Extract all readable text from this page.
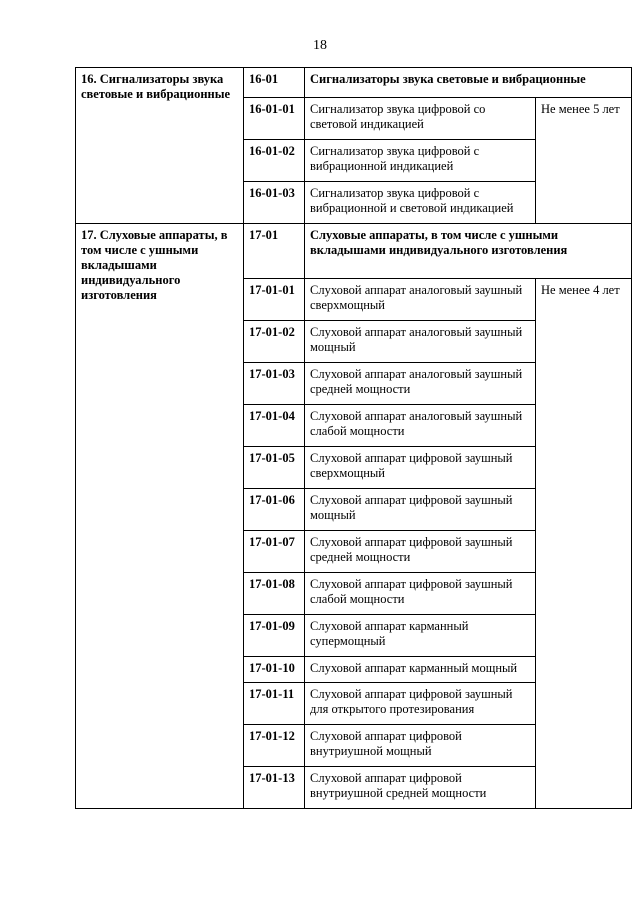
18
16. Сигнализаторы звука световые и вибрационные	16-01	Сигнализаторы звука световые и вибрационные	
	16-01-01	Сигнализатор звука цифровой со световой индикацией	Не менее 5 лет
	16-01-02	Сигнализатор звука цифровой с вибрационной индикацией	
	16-01-03	Сигнализатор звука цифровой с вибрационной и световой индикацией	
17. Слуховые аппараты, в том числе с ушными вкладышами индивидуального изготовления	17-01	Слуховые аппараты, в том числе с ушными вкладышами индивидуального изготовления	
	17-01-01	Слуховой аппарат аналоговый заушный сверхмощный	Не менее 4 лет
	17-01-02	Слуховой аппарат аналоговый заушный мощный	
	17-01-03	Слуховой аппарат аналоговый заушный средней мощности	
	17-01-04	Слуховой аппарат аналоговый заушный слабой мощности	
	17-01-05	Слуховой аппарат цифровой заушный сверхмощный	
	17-01-06	Слуховой аппарат цифровой заушный мощный	
	17-01-07	Слуховой аппарат цифровой заушный средней мощности	
	17-01-08	Слуховой аппарат цифровой заушный слабой мощности	
	17-01-09	Слуховой аппарат карманный супермощный	
	17-01-10	Слуховой аппарат карманный мощный	
	17-01-11	Слуховой аппарат цифровой заушный для открытого протезирования	
	17-01-12	Слуховой аппарат цифровой внутриушной мощный	
	17-01-13	Слуховой аппарат цифровой внутриушной средней мощности	
